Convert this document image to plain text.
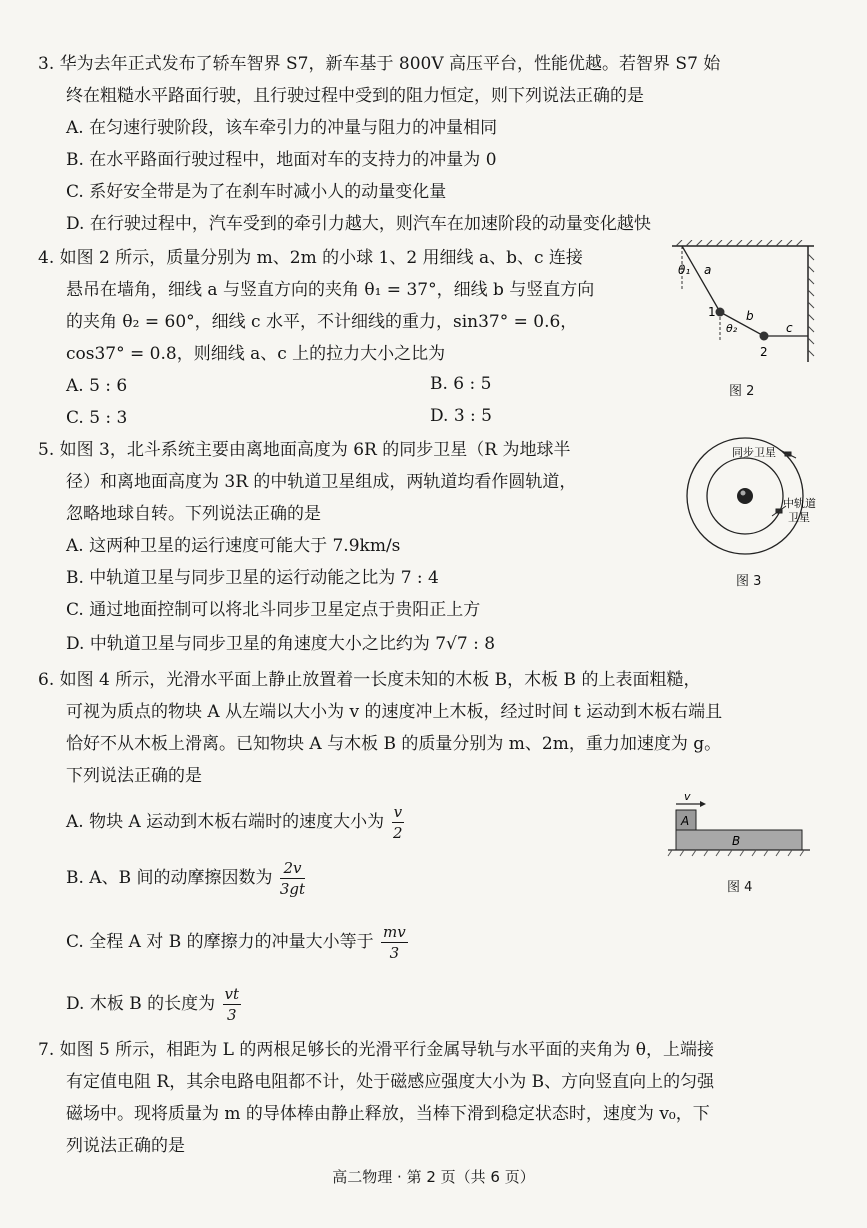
3. 华为去年正式发布了轿车智界 S7，新车基于 800V 高压平台，性能优越。若智界 S7 始
终在粗糙水平路面行驶，且行驶过程中受到的阻力恒定，则下列说法正确的是
A. 在匀速行驶阶段，该车牵引力的冲量与阻力的冲量相同
B. 在水平路面行驶过程中，地面对车的支持力的冲量为 0
C. 系好安全带是为了在刹车时减小人的动量变化量
D. 在行驶过程中，汽车受到的牵引力越大，则汽车在加速阶段的动量变化越快
4. 如图 2 所示，质量分别为 m、2m 的小球 1、2 用细线 a、b、c 连接
悬吊在墙角，细线 a 与竖直方向的夹角 θ₁ = 37°，细线 b 与竖直方向
的夹角 θ₂ = 60°，细线 c 水平，不计细线的重力，sin37° = 0.6，
cos37° = 0.8，则细线 a、c 上的拉力大小之比为
A. 5 : 6	B. 6 : 5
C. 5 : 3	D. 3 : 5
θ₁ a
θ₂
b
c
1
2
图 2
5. 如图 3，北斗系统主要由离地面高度为 6R 的同步卫星（R 为地球半
径）和离地面高度为 3R 的中轨道卫星组成，两轨道均看作圆轨道，
忽略地球自转。下列说法正确的是
A. 这两种卫星的运行速度可能大于 7.9km/s
B. 中轨道卫星与同步卫星的运行动能之比为 7 : 4
C. 通过地面控制可以将北斗同步卫星定点于贵阳正上方
D. 中轨道卫星与同步卫星的角速度大小之比约为 7√7 : 8
同步卫星
中轨道
卫星
图 3
6. 如图 4 所示，光滑水平面上静止放置着一长度未知的木板 B，木板 B 的上表面粗糙，
可视为质点的物块 A 从左端以大小为 v 的速度冲上木板，经过时间 t 运动到木板右端且
恰好不从木板上滑离。已知物块 A 与木板 B 的质量分别为 m、2m，重力加速度为 g。
下列说法正确的是
A. 物块 A 运动到木板右端时的速度大小为 $\frac{v}{2}$
B. A、B 间的动摩擦因数为 $\frac{2v}{3gt}$
C. 全程 A 对 B 的摩擦力的冲量大小等于 $\frac{mv}{3}$
D. 木板 B 的长度为 $\frac{vt}{3}$
v
A
B
图 4
7. 如图 5 所示，相距为 L 的两根足够长的光滑平行金属导轨与水平面的夹角为 θ，上端接
有定值电阻 R，其余电路电阻都不计，处于磁感应强度大小为 B、方向竖直向上的匀强
磁场中。现将质量为 m 的导体棒由静止释放，当棒下滑到稳定状态时，速度为 v₀，下
列说法正确的是
高二物理 · 第 2 页（共 6 页）
